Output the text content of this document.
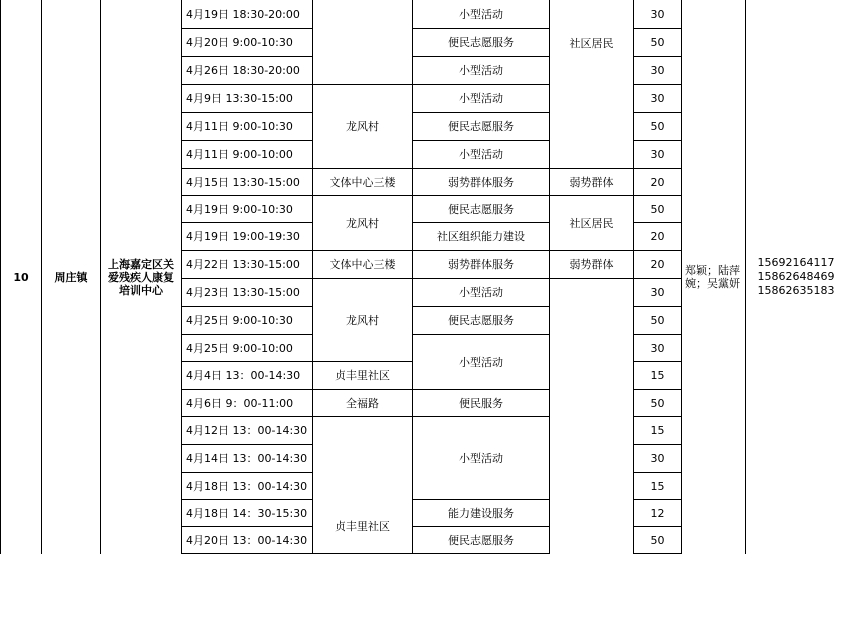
10	周庄镇
上海嘉定区关爱残疾人康复培训中心
4月19日 18:30-20:00
4月20日 9:00-10:30
4月26日 18:30-20:00
4月9日 13:30-15:00
4月11日 9:00-10:30
4月11日 9:00-10:00
4月15日 13:30-15:00
4月19日 9:00-10:30
4月19日 19:00-19:30
4月22日 13:30-15:00
4月23日 13:30-15:00
4月25日 9:00-10:30
4月25日 9:00-10:00
4月4日 13：00-14:30
4月6日 9：00-11:00
4月12日 13：00-14:30
4月14日 13：00-14:30
4月18日 13：00-14:30
4月18日 14：30-15:30
4月20日 13：00-14:30
龙风村
文体中心三楼
龙风村
文体中心三楼
龙风村
贞丰里社区
全福路
贞丰里社区
小型活动
便民志愿服务
小型活动
小型活动
便民志愿服务
小型活动
弱势群体服务
便民志愿服务
社区组织能力建设
弱势群体服务
小型活动
便民志愿服务
小型活动
便民服务
小型活动
能力建设服务
便民志愿服务
社区居民
弱势群体
社区居民
弱势群体
30
50
30
30
50
30
20
50
20
20
30
50
30
15
50
15
30
15
12
50
郑颖；陆萍婉；吴黨妍
15692164117
15862648469
15862635183
